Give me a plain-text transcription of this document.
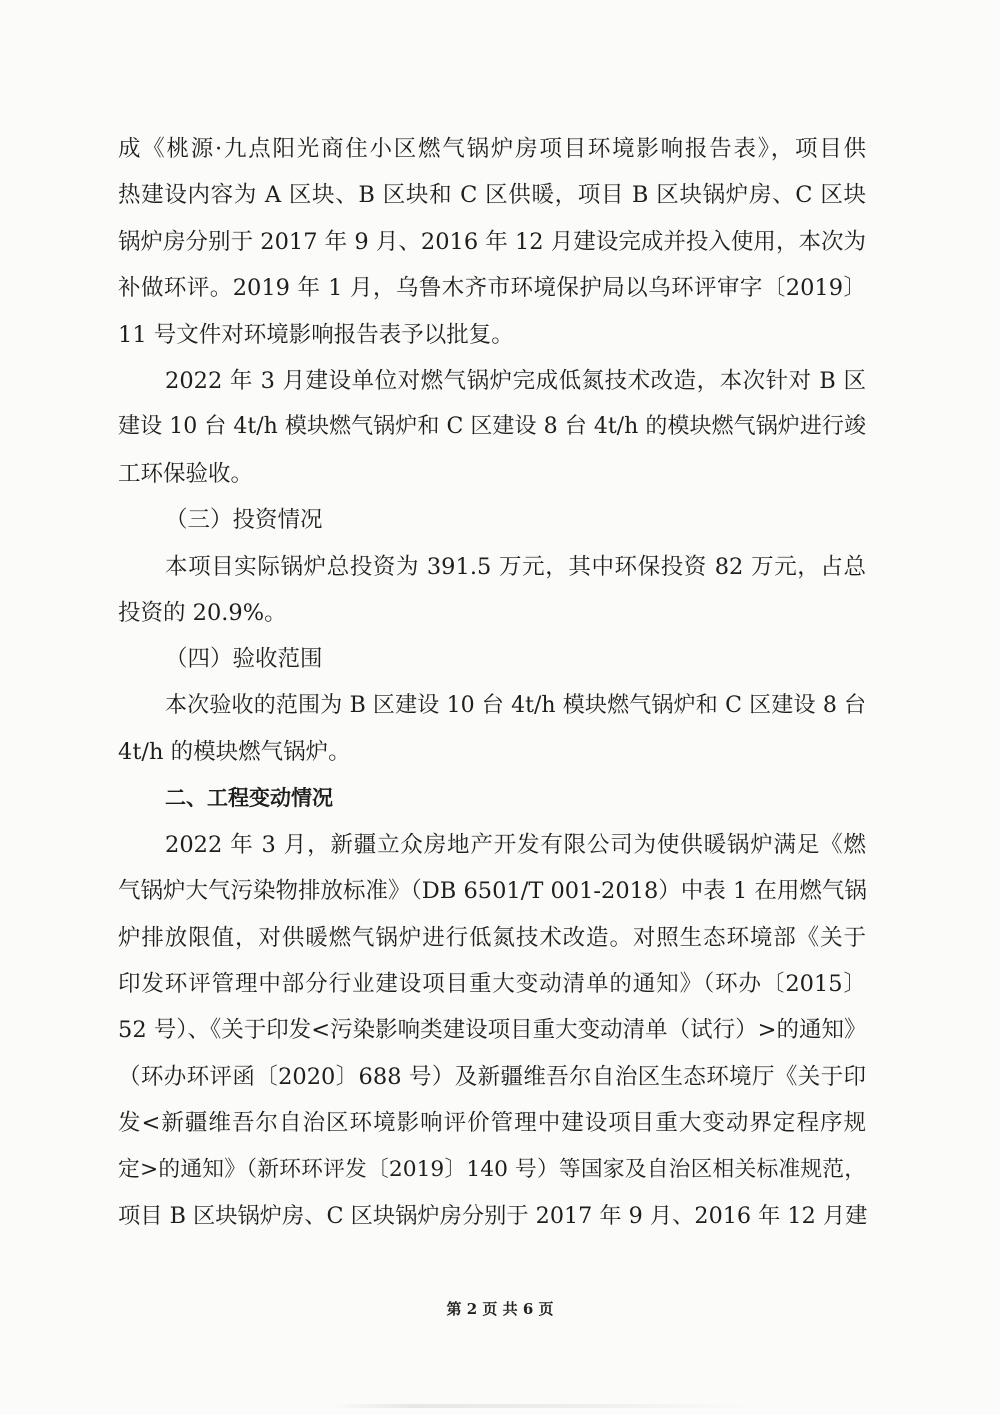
成《桃源·九点阳光商住小区燃气锅炉房项目环境影响报告表》，项目供
热建设内容为 A 区块、B 区块和 C 区供暖，项目 B 区块锅炉房、C 区块
锅炉房分别于 2017 年 9 月、2016 年 12 月建设完成并投入使用，本次为
补做环评。2019 年 1 月，乌鲁木齐市环境保护局以乌环评审字〔2019〕
11 号文件对环境影响报告表予以批复。
2022 年 3 月建设单位对燃气锅炉完成低氮技术改造，本次针对 B 区
建设 10 台 4t/h 模块燃气锅炉和 C 区建设 8 台 4t/h 的模块燃气锅炉进行竣
工环保验收。
（三）投资情况
本项目实际锅炉总投资为 391.5 万元，其中环保投资 82 万元，占总
投资的 20.9%。
（四）验收范围
本次验收的范围为 B 区建设 10 台 4t/h 模块燃气锅炉和 C 区建设 8 台
4t/h 的模块燃气锅炉。
二、工程变动情况
2022 年 3 月，新疆立众房地产开发有限公司为使供暖锅炉满足《燃
气锅炉大气污染物排放标准》（DB 6501/T 001-2018）中表 1 在用燃气锅
炉排放限值，对供暖燃气锅炉进行低氮技术改造。对照生态环境部《关于
印发环评管理中部分行业建设项目重大变动清单的通知》（环办〔2015〕
52 号）、《关于印发<污染影响类建设项目重大变动清单（试行）>的通知》
（环办环评函〔2020〕688 号）及新疆维吾尔自治区生态环境厅《关于印
发<新疆维吾尔自治区环境影响评价管理中建设项目重大变动界定程序规
定>的通知》（新环环评发〔2019〕140 号）等国家及自治区相关标准规范，
项目 B 区块锅炉房、C 区块锅炉房分别于 2017 年 9 月、2016 年 12 月建
第 2 页 共 6 页
